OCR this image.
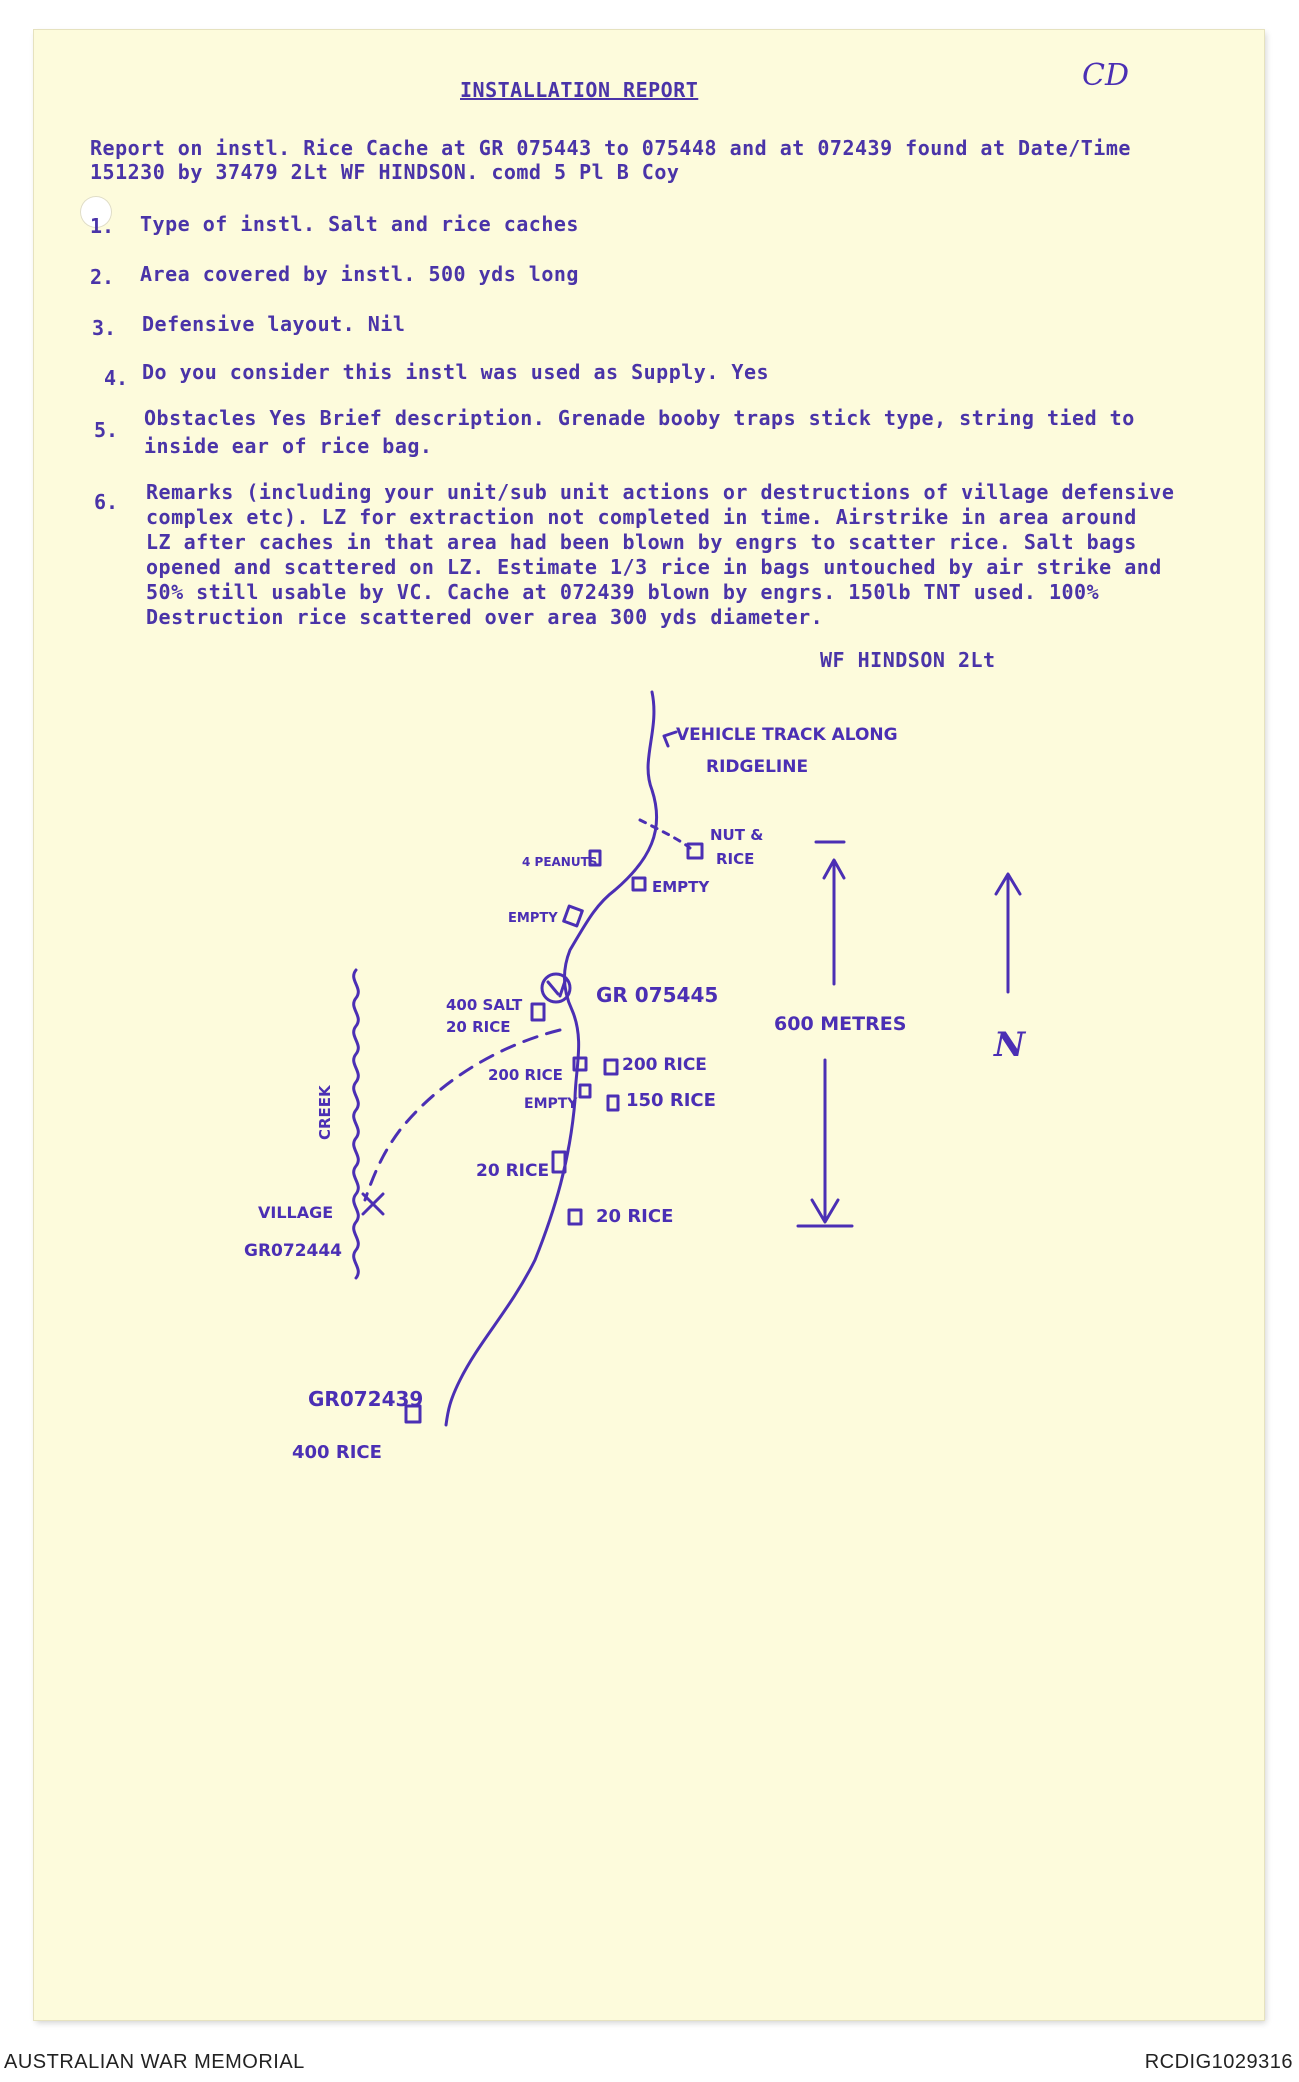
CD
INSTALLATION REPORT
Report on instl. Rice Cache at GR 075443 to 075448 and at 072439 found at Date/Time
151230 by 37479 2Lt WF HINDSON. comd 5 Pl B Coy
1. Type of instl. Salt and rice caches
2. Area covered by instl. 500 yds long
3. Defensive layout. Nil
4. Do you consider this instl was used as Supply. Yes
5. Obstacles Yes Brief description. Grenade booby traps stick type, string tied to
inside ear of rice bag.
6. Remarks (including your unit/sub unit actions or destructions of village defensive
complex etc). LZ for extraction not completed in time. Airstrike in area around
LZ after caches in that area had been blown by engrs to scatter rice. Salt bags
opened and scattered on LZ. Estimate 1/3 rice in bags untouched by air strike and
50% still usable by VC. Cache at 072439 blown by engrs. 150lb TNT used. 100%
Destruction rice scattered over area 300 yds diameter.
WF HINDSON 2Lt
VEHICLE TRACK ALONG
RIDGELINE
NUT &
RICE
4 PEANUTS
EMPTY
EMPTY
400 SALT
20 RICE
GR 075445
200 RICE	200 RICE
EMPTY	150 RICE
20 RICE
20 RICE
CREEK
VILLAGE
GR072444
GR072439
400 RICE
600 METRES
N
AUSTRALIAN WAR MEMORIAL	RCDIG1029316
